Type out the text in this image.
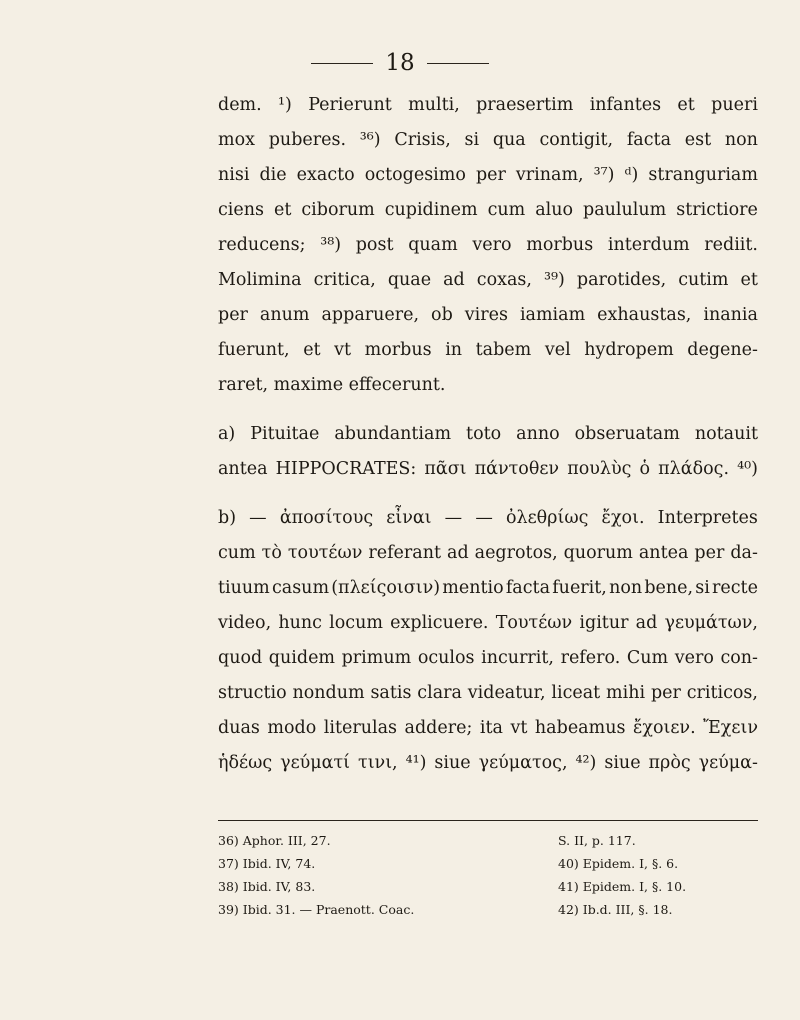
18
dem. ¹) Perierunt multi, praesertim infantes et pueri
mox puberes. ³⁶) Crisis, si qua contigit, facta est non
nisi die exacto octogesimo per vrinam, ³⁷) ᵈ) stranguriam
ciens et ciborum cupidinem cum aluo paululum strictiore
reducens; ³⁸) post quam vero morbus interdum rediit.
Molimina critica, quae ad coxas, ³⁹) parotides, cutim et
per anum apparuere, ob vires iamiam exhaustas, inania
fuerunt, et vt morbus in tabem vel hydropem degene-
raret, maxime effecerunt.
a) Pituitae abundantiam toto anno obseruatam notauit
antea HIPPOCRATES: πᾶσι πάντοθεν πουλὺς ὁ πλάδος. ⁴⁰)
b) — ἀποσίτους εἶναι — — ὀλεθρίως ἔχοι. Interpretes
cum τὸ τουτέων referant ad aegrotos, quorum antea per da-
tiuum casum (πλείςοισιν) mentio facta fuerit, non bene, si recte
video, hunc locum explicuere. Τουτέων igitur ad γευμάτων,
quod quidem primum oculos incurrit, refero. Cum vero con-
structio nondum satis clara videatur, liceat mihi per criticos,
duas modo literulas addere; ita vt habeamus ἔχοιεν. Ἔχειν
ἡδέως γεύματί τινι, ⁴¹) siue γεύματος, ⁴²) siue πρὸς γεύμα-
36) Aphor. III, 27.
37) Ibid. IV, 74.
38) Ibid. IV, 83.
39) Ibid. 31. — Praenott. Coac.
S. II, p. 117.
40) Epidem. I, §. 6.
41) Epidem. I, §. 10.
42) Ib.d. III, §. 18.
